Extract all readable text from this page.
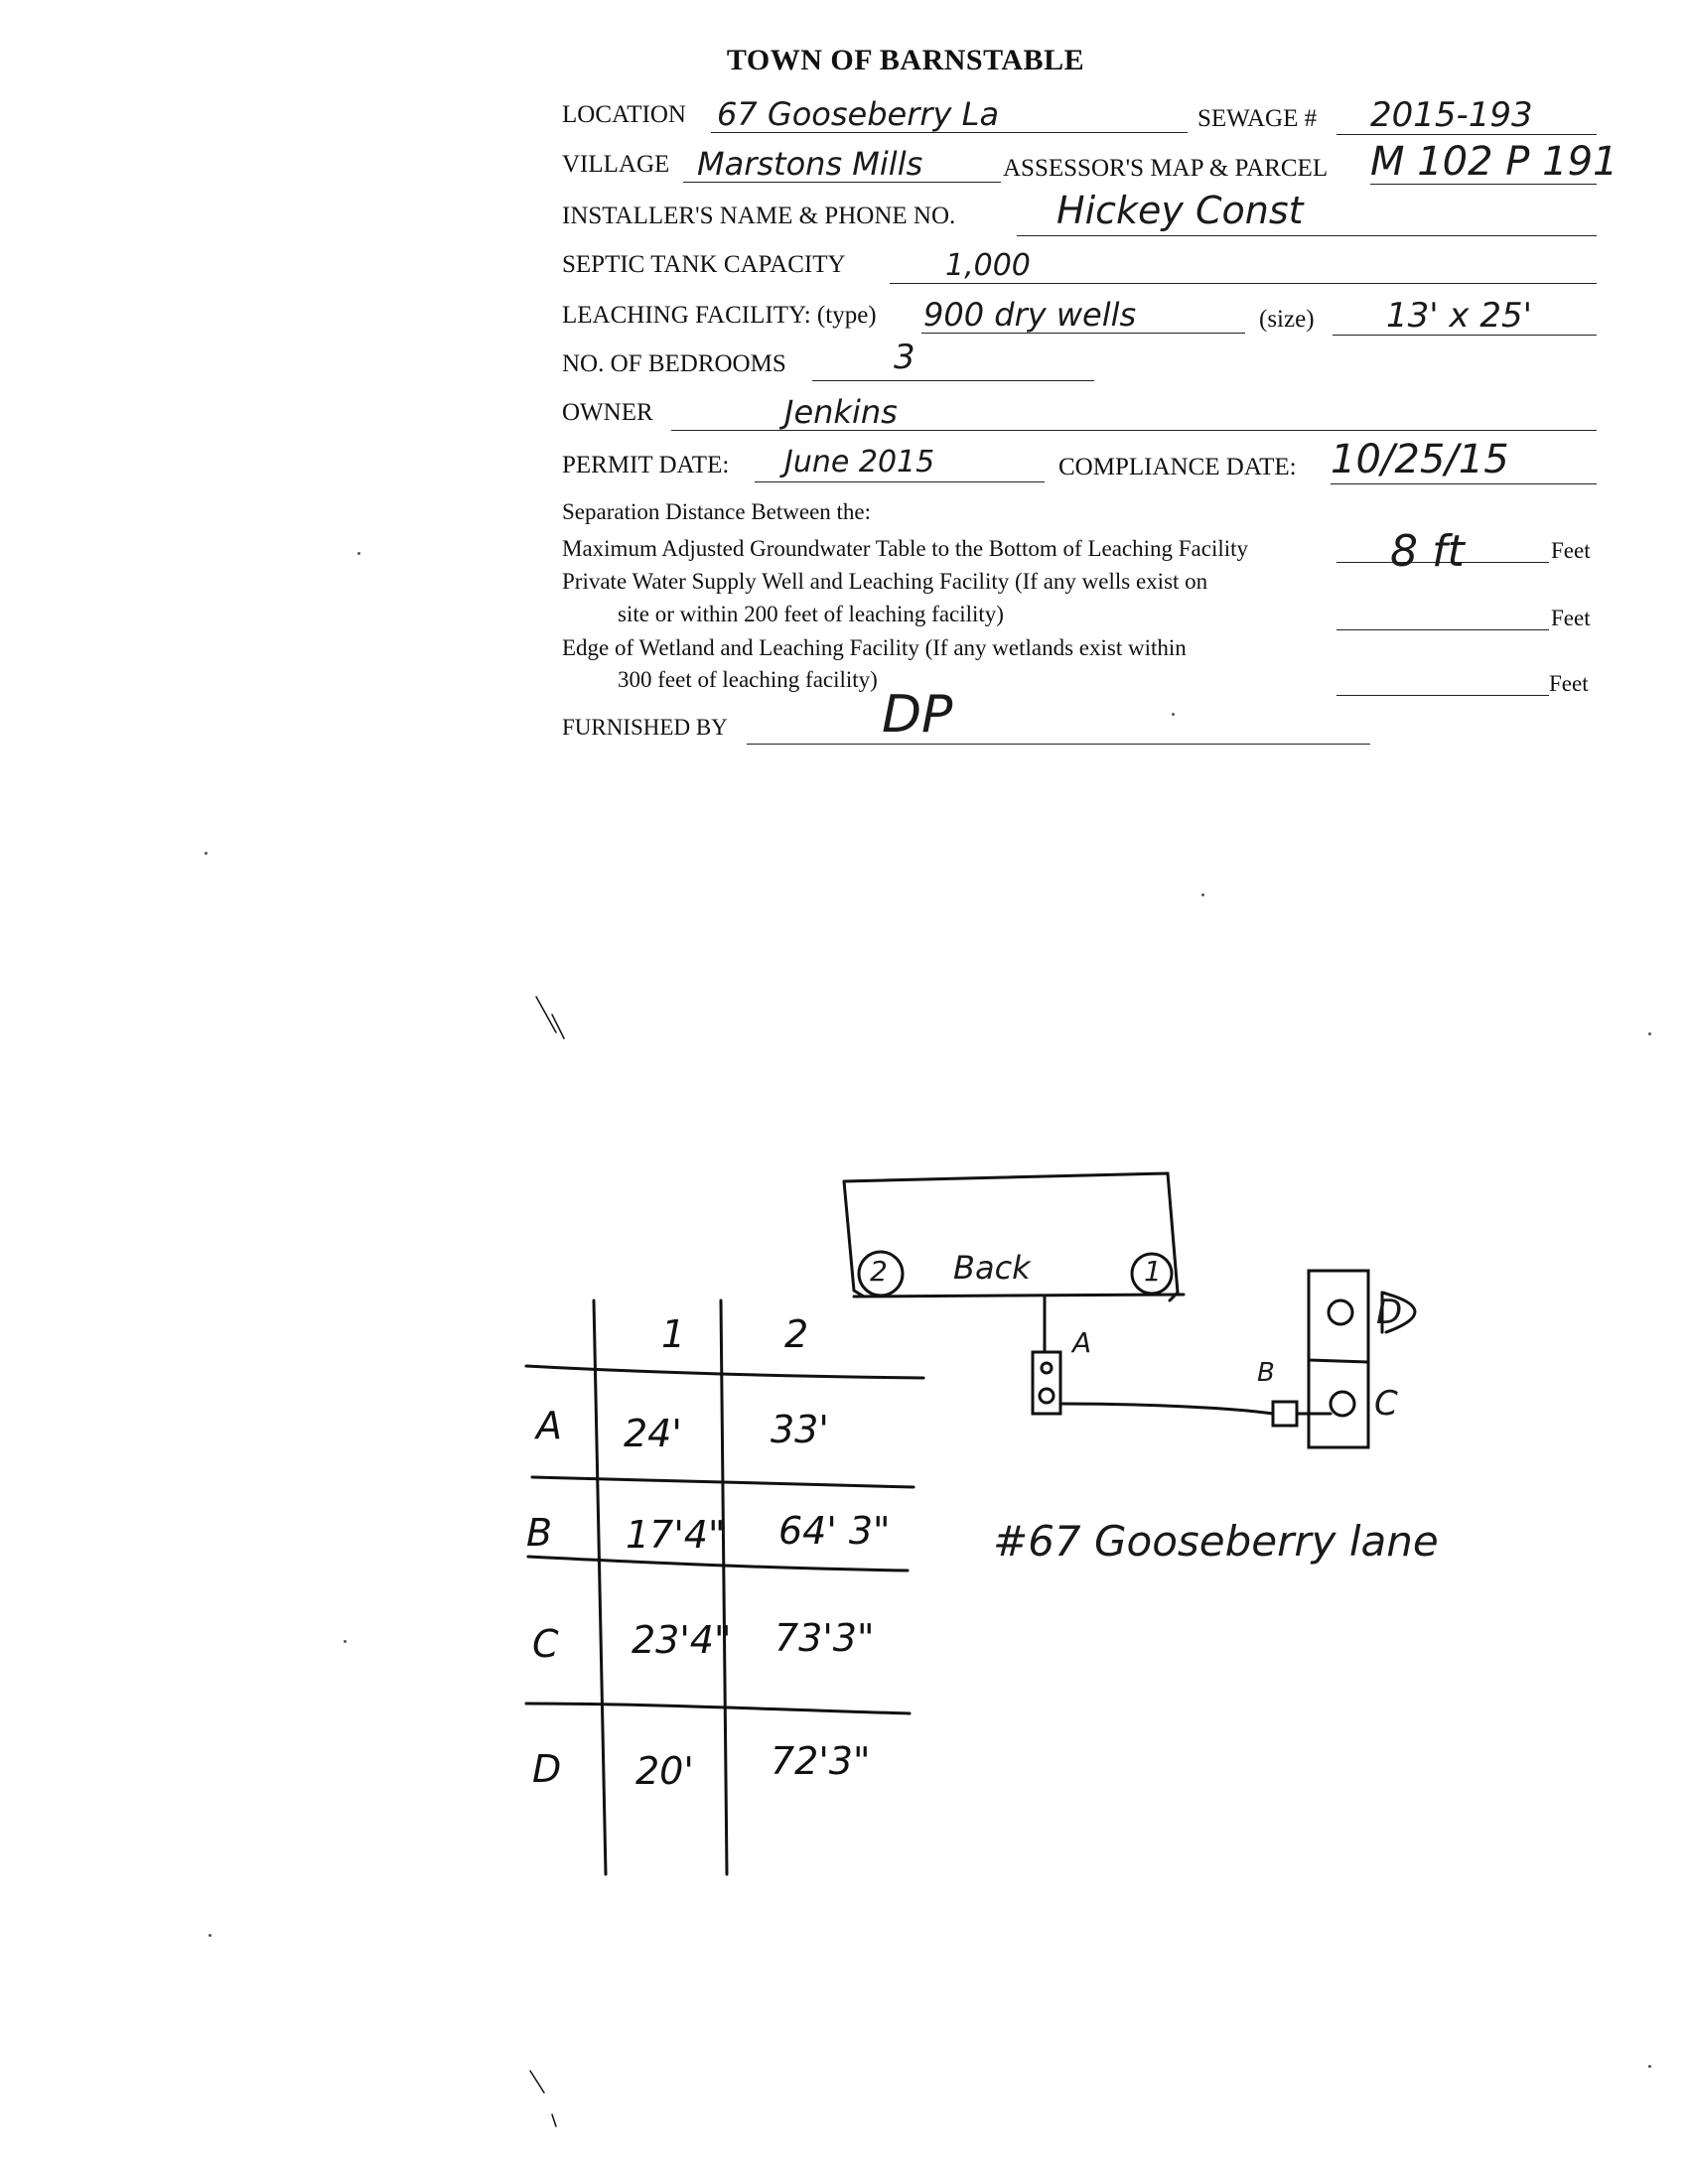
TOWN OF BARNSTABLE
LOCATION 67 Gooseberry La	SEWAGE # 2015-193
VILLAGE Marstons Mills	ASSESSOR'S MAP & PARCEL M 102 P 191
INSTALLER'S NAME & PHONE NO.	Hickey Const
SEPTIC TANK CAPACITY	1,000
LEACHING FACILITY: (type) 900 dry wells	(size) 13' x 25'
NO. OF BEDROOMS	3
OWNER	Jenkins
PERMIT DATE: June 2015	COMPLIANCE DATE: 10/25/15
Separation Distance Between the:
Maximum Adjusted Groundwater Table to the Bottom of Leaching Facility	Feet
8 ft
Private Water Supply Well and Leaching Facility (If any wells exist on
site or within 200 feet of leaching facility)	Feet
Edge of Wetland and Leaching Facility (If any wetlands exist within
300 feet of leaching facility)	Feet
FURNISHED BY	DP
Back
2	1
A
B
C
D
#67 Gooseberry lane
1	2
A 24' 33'
B 17'4" 64' 3"
C 23'4" 73'3"
D 20' 72'3"
